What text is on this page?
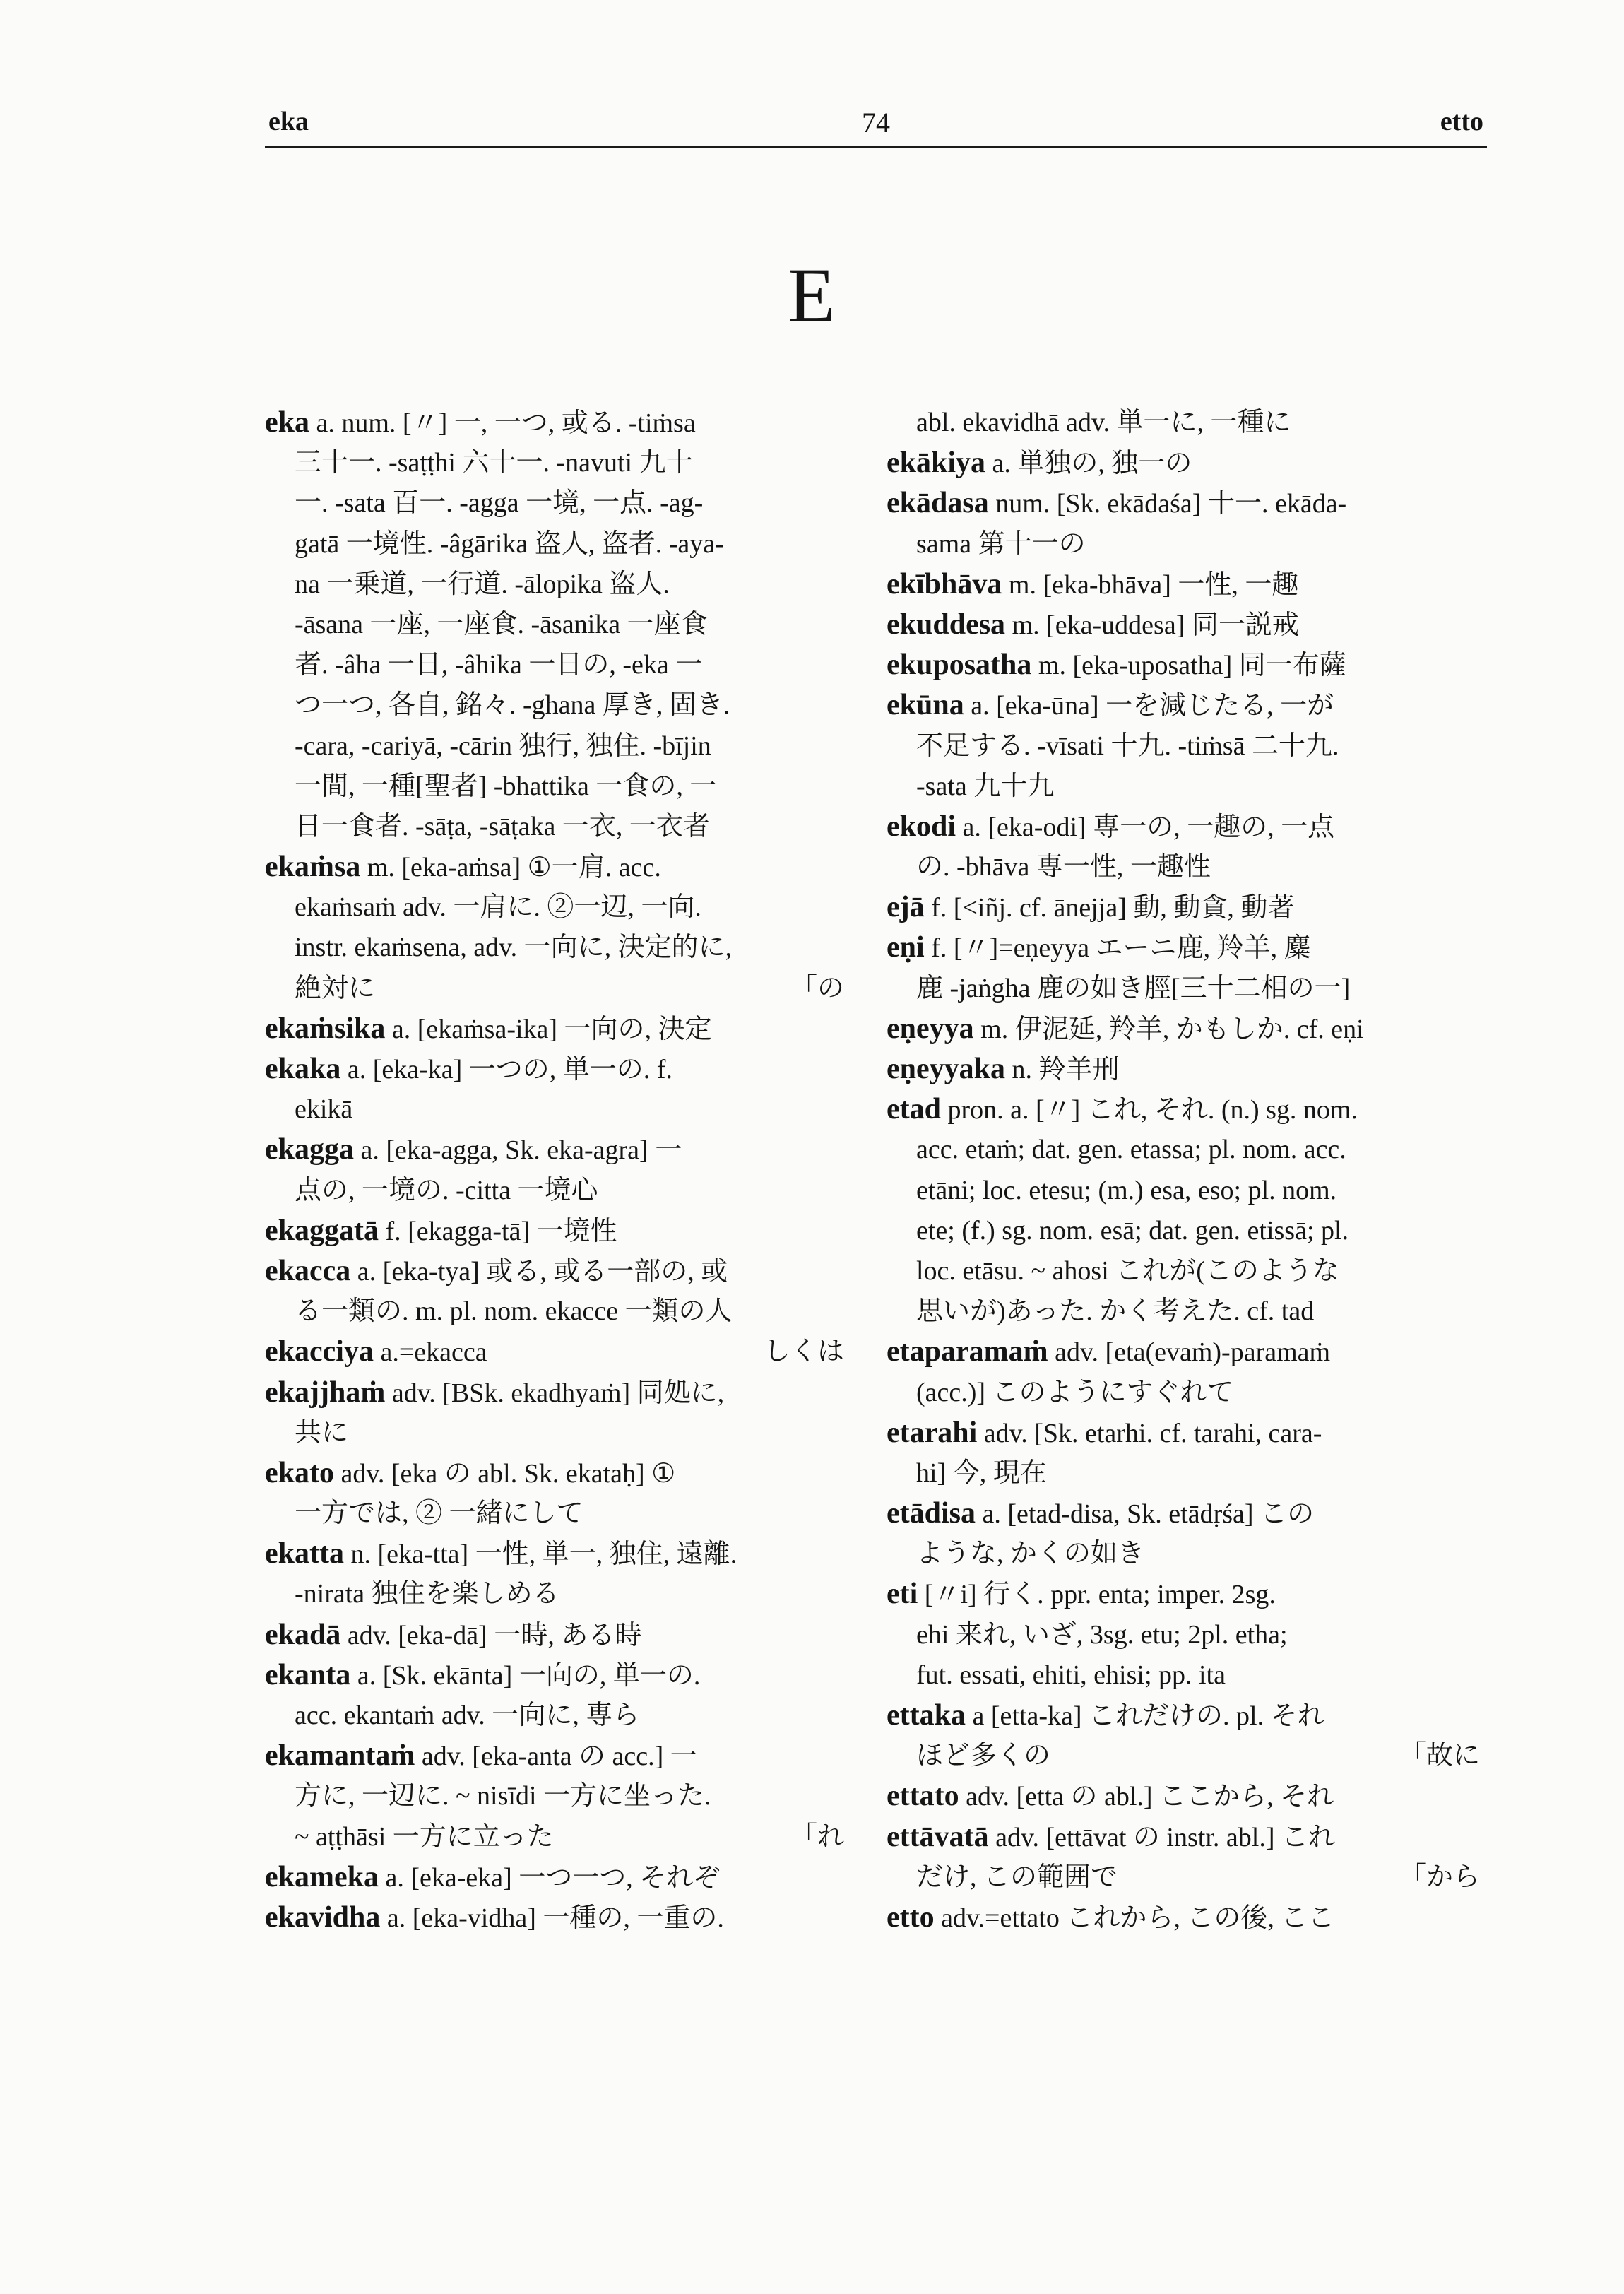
eka	74	etto
E
eka a. num. [〃] 一, 一つ, 或る. -tiṁsa
三十一. -saṭṭhi 六十一. -navuti 九十
一. -sata 百一. -agga 一境, 一点. -ag-
gatā 一境性. -âgārika 盗人, 盗者. -aya-
na 一乗道, 一行道. -ālopika 盗人.
-āsana 一座, 一座食. -āsanika 一座食
者. -âha 一日, -âhika 一日の, -eka 一
つ一つ, 各自, 銘々. -ghana 厚き, 固き.
-cara, -cariyā, -cārin 独行, 独住. -bījin
一間, 一種[聖者] -bhattika 一食の, 一
日一食者. -sāṭa, -sāṭaka 一衣, 一衣者
ekaṁsa m. [eka-aṁsa] ①一肩. acc.
ekaṁsaṁ adv. 一肩に. ②一辺, 一向.
instr. ekaṁsena, adv. 一向に, 決定的に,
絶対に	「の
ekaṁsika a. [ekaṁsa-ika] 一向の, 決定
ekaka a. [eka-ka] 一つの, 単一の. f.
ekikā
ekagga a. [eka-agga, Sk. eka-agra] 一
点の, 一境の. -citta 一境心
ekaggatā f. [ekagga-tā] 一境性
ekacca a. [eka-tya] 或る, 或る一部の, 或
る一類の. m. pl. nom. ekacce 一類の人
ekacciya a.=ekacca	しくは
ekajjhaṁ adv. [BSk. ekadhyaṁ] 同処に,
共に
ekato adv. [eka の abl. Sk. ekataḥ] ①
一方では, ② 一緒にして
ekatta n. [eka-tta] 一性, 単一, 独住, 遠離.
-nirata 独住を楽しめる
ekadā adv. [eka-dā] 一時, ある時
ekanta a. [Sk. ekānta] 一向の, 単一の.
acc. ekantaṁ adv. 一向に, 専ら
ekamantaṁ adv. [eka-anta の acc.] 一
方に, 一辺に. ~ nisīdi 一方に坐った.
~ aṭṭhāsi 一方に立った	「れ
ekameka a. [eka-eka] 一つ一つ, それぞ
ekavidha a. [eka-vidha] 一種の, 一重の.
abl. ekavidhā adv. 単一に, 一種に
ekākiya a. 単独の, 独一の
ekādasa num. [Sk. ekādaśa] 十一. ekāda-
sama 第十一の
ekībhāva m. [eka-bhāva] 一性, 一趣
ekuddesa m. [eka-uddesa] 同一説戒
ekuposatha m. [eka-uposatha] 同一布薩
ekūna a. [eka-ūna] 一を減じたる, 一が
不足する. -vīsati 十九. -tiṁsā 二十九.
-sata 九十九
ekodi a. [eka-odi] 専一の, 一趣の, 一点
の. -bhāva 専一性, 一趣性
ejā f. [<iñj. cf. ānejja] 動, 動貪, 動著
eṇi f. [〃]=eṇeyya エーニ鹿, 羚羊, 麋
鹿 -jaṅgha 鹿の如き脛[三十二相の一]
eṇeyya m. 伊泥延, 羚羊, かもしか. cf. eṇi
eṇeyyaka n. 羚羊刑
etad pron. a. [〃] これ, それ. (n.) sg. nom.
acc. etaṁ; dat. gen. etassa; pl. nom. acc.
etāni; loc. etesu; (m.) esa, eso; pl. nom.
ete; (f.) sg. nom. esā; dat. gen. etissā; pl.
loc. etāsu. ~ ahosi これが(このような
思いが)あった. かく考えた. cf. tad
etaparamaṁ adv. [eta(evaṁ)-paramaṁ
(acc.)] このようにすぐれて
etarahi adv. [Sk. etarhi. cf. tarahi, cara-
hi] 今, 現在
etādisa a. [etad-disa, Sk. etādṛśa] この
ような, かくの如き
eti [〃i] 行く. ppr. enta; imper. 2sg.
ehi 来れ, いざ, 3sg. etu; 2pl. etha;
fut. essati, ehiti, ehisi; pp. ita
ettaka a [etta-ka] これだけの. pl. それ
ほど多くの	「故に
ettato adv. [etta の abl.] ここから, それ
ettāvatā adv. [ettāvat の instr. abl.] これ
だけ, この範囲で	「から
etto adv.=ettato これから, この後, ここ
